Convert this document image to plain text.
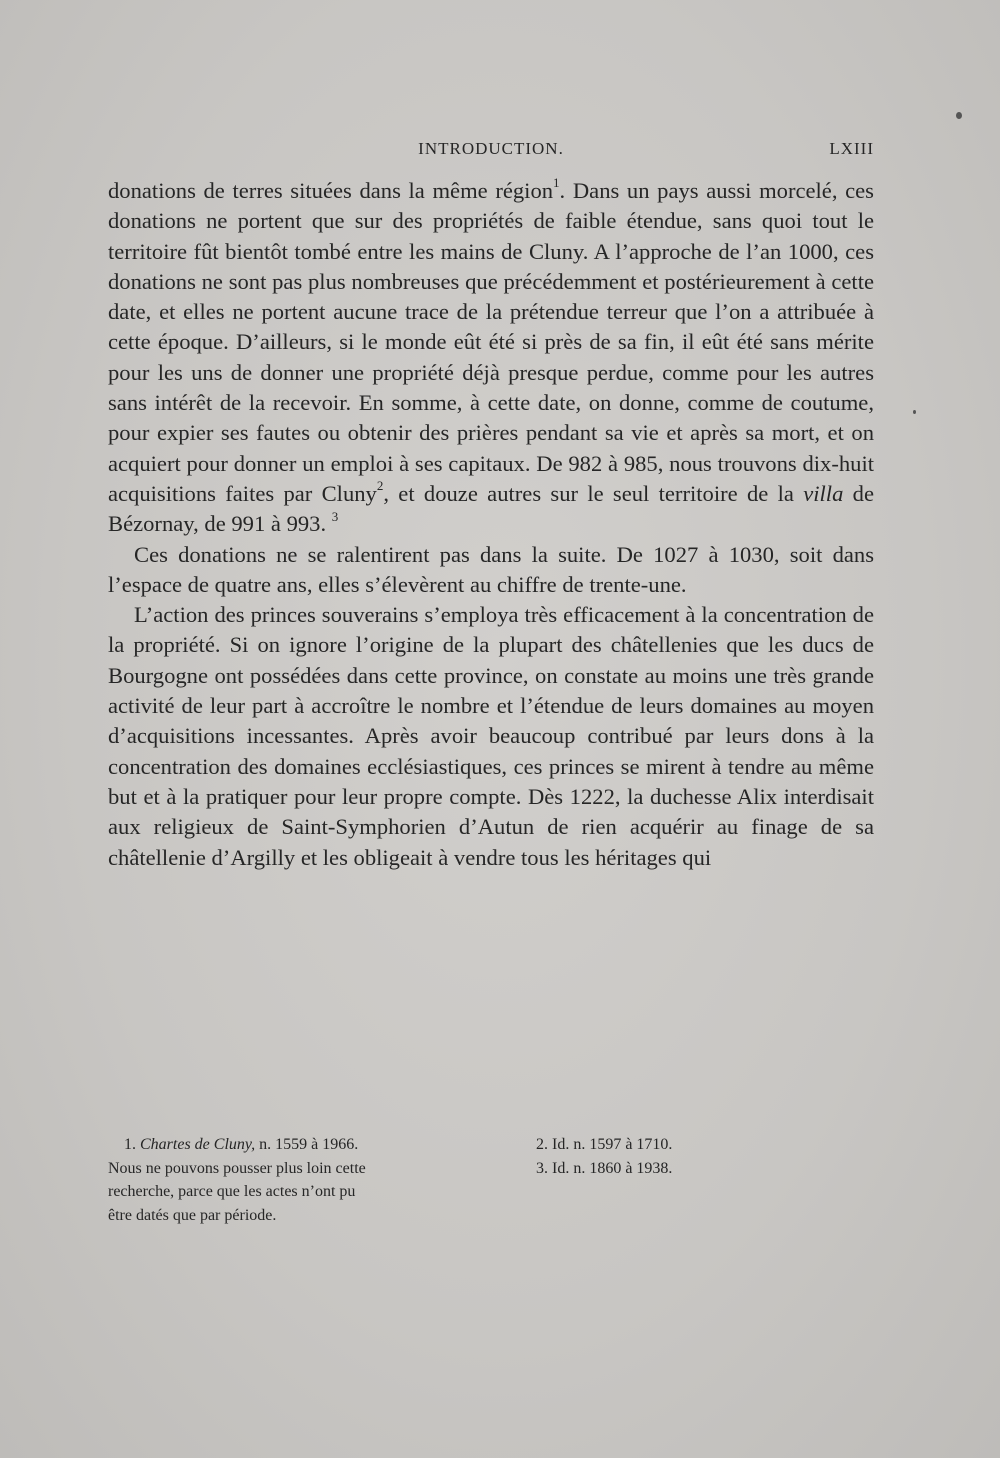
INTRODUCTION.	LXIII

donations de terres situées dans la même région$^1$. Dans un pays aussi morcelé, ces donations ne portent que sur des propriétés de faible étendue, sans quoi tout le territoire fût bientôt tombé entre les mains de Cluny. A l’approche de l’an 1000, ces donations ne sont pas plus nombreuses que précédemment et postérieurement à cette date, et elles ne portent aucune trace de la prétendue terreur que l’on a attribuée à cette époque. D’ailleurs, si le monde eût été si près de sa fin, il eût été sans mérite pour les uns de donner une propriété déjà presque perdue, comme pour les autres sans intérêt de la recevoir. En somme, à cette date, on donne, comme de coutume, pour expier ses fautes ou obtenir des prières pendant sa vie et après sa mort, et on acquiert pour donner un emploi à ses capitaux. De 982 à 985, nous trouvons dix-huit acquisitions faites par Cluny$^2$, et douze autres sur le seul territoire de la villa de Bézornay, de 991 à 993. $^3$

Ces donations ne se ralentirent pas dans la suite. De 1027 à 1030, soit dans l’espace de quatre ans, elles s’élevèrent au chiffre de trente-une.

L’action des princes souverains s’employa très efficacement à la concentration de la propriété. Si on ignore l’origine de la plupart des châtellenies que les ducs de Bourgogne ont possédées dans cette province, on constate au moins une très grande activité de leur part à accroître le nombre et l’étendue de leurs domaines au moyen d’acquisitions incessantes. Après avoir beaucoup contribué par leurs dons à la concentration des domaines ecclésiastiques, ces princes se mirent à tendre au même but et à la pratiquer pour leur propre compte. Dès 1222, la duchesse Alix interdisait aux religieux de Saint-Symphorien d’Autun de rien acquérir au finage de sa châtellenie d’Argilly et les obligeait à vendre tous les héritages qui

1. Chartes de Cluny, n. 1559 à 1966.
Nous ne pouvons pousser plus loin cette
recherche, parce que les actes n’ont pu
être datés que par période.
2. Id. n. 1597 à 1710.
3. Id. n. 1860 à 1938.
